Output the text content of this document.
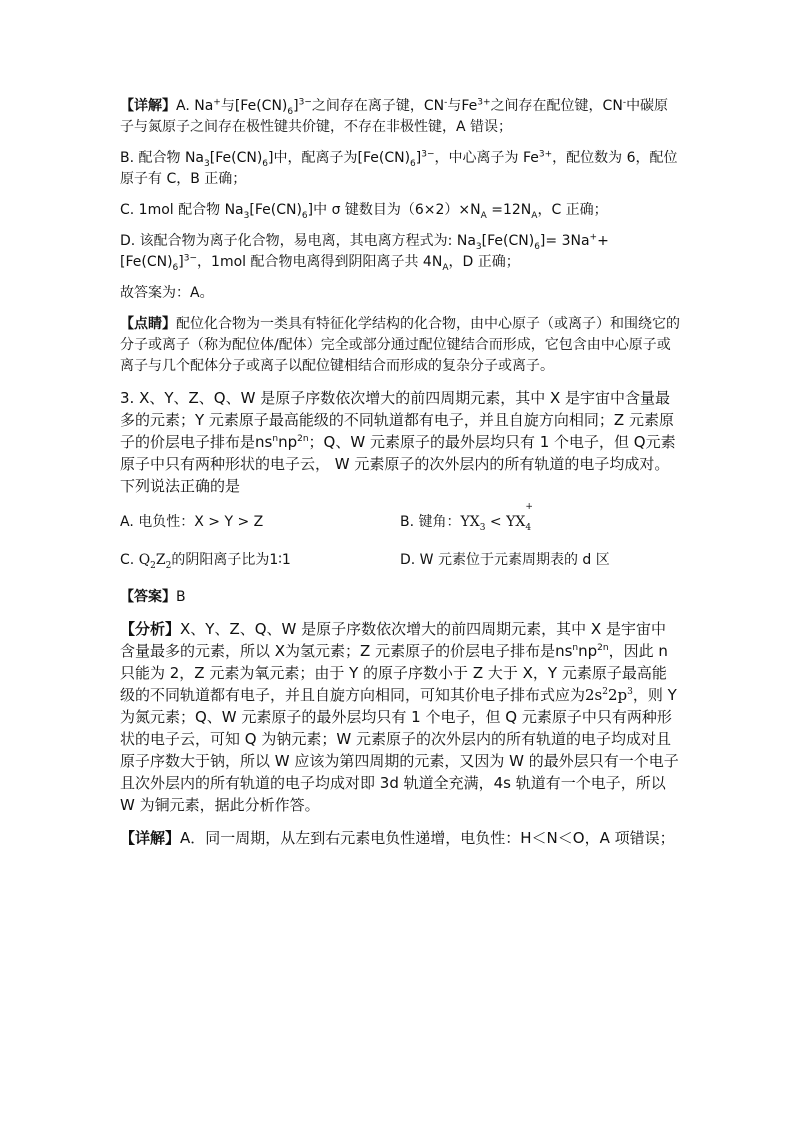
【详解】A. Na+与$[Fe(CN)_6]^{3-}$之间存在离子键，CN-与$Fe^{3+}$之间存在配位键，CN-中碳原子与氮原子之间存在极性键共价键，不存在非极性键，A 错误；

B. 配合物 $Na_3[Fe(CN)_6]$中，配离子为$[Fe(CN)_6]^{3-}$，中心离子为 $Fe^{3+}$，配位数为 6，配位原子有 C，B 正确；

C. 1mol 配合物 $Na_3[Fe(CN)_6]$中 σ 键数目为$(6\times 2)\times N_A =12N_A$，C 正确；

D. 该配合物为离子化合物，易电离，其电离方程式为: $Na_3[Fe(CN)_6]= 3Na^++[Fe(CN)_6]^{3-}$，1mol 配合物电离得到阴阳离子共 $4N_A$，D 正确；

故答案为：A。

【点睛】配位化合物为一类具有特征化学结构的化合物，由中心原子（或离子）和围绕它的分子或离子（称为配位体/配体）完全或部分通过配位键结合而形成，它包含由中心原子或离子与几个配体分子或离子以配位键相结合而形成的复杂分子或离子。

3. X、Y、Z、Q、W 是原子序数依次增大的前四周期元素，其中 X 是宇宙中含量最多的元素；Y 元素原子最高能级的不同轨道都有电子，并且自旋方向相同；Z 元素原子的价层电子排布是$ns^nnp^{2n}$；Q、W 元素原子的最外层均只有 1 个电子，但 Q元素原子中只有两种形状的电子云， W 元素原子的次外层内的所有轨道的电子均成对。下列说法正确的是

A. 电负性：X > Y > Z	B. 键角：$YX_3 < YX_4$
+
C. $Q_2Z_2$的阴阳离子比为1∶1	D. W 元素位于元素周期表的 d 区

【答案】B

【分析】X、Y、Z、Q、W 是原子序数依次增大的前四周期元素，其中 X 是宇宙中含量最多的元素，所以 X为氢元素；Z 元素原子的价层电子排布是$ns^nnp^{2n}$，因此 n 只能为 2，Z 元素为氧元素；由于 Y 的原子序数小于 Z 大于 X，Y 元素原子最高能级的不同轨道都有电子，并且自旋方向相同，可知其价电子排布式应为$2s^22p^3$，则 Y为氮元素；Q、W 元素原子的最外层均只有 1 个电子，但 Q 元素原子中只有两种形状的电子云，可知 Q 为钠元素；W 元素原子的次外层内的所有轨道的电子均成对且原子序数大于钠，所以 W 应该为第四周期的元素，又因为 W 的最外层只有一个电子且次外层内的所有轨道的电子均成对即 3d 轨道全充满，4s 轨道有一个电子，所以 W 为铜元素，据此分析作答。

【详解】A．同一周期，从左到右元素电负性递增，电负性：H＜N＜O，A 项错误；
